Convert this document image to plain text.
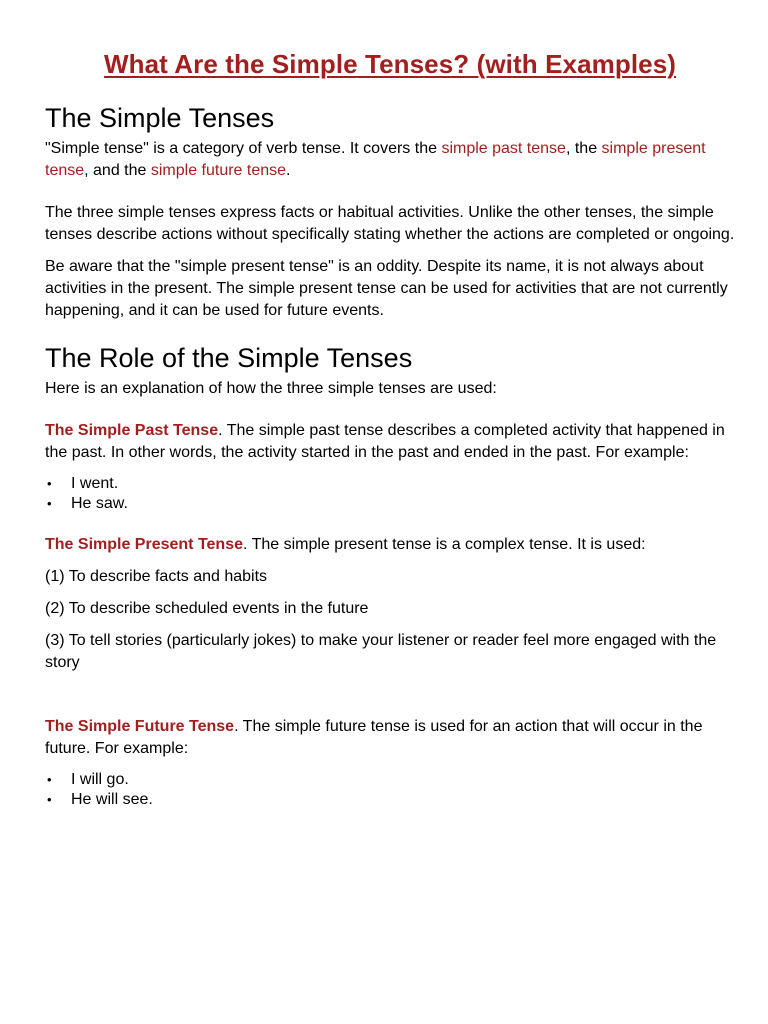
What Are the Simple Tenses? (with Examples)
The Simple Tenses

"Simple tense" is a category of verb tense. It covers the simple past tense, the simple present tense, and the simple future tense.

The three simple tenses express facts or habitual activities. Unlike the other tenses, the simple tenses describe actions without specifically stating whether the actions are completed or ongoing.

Be aware that the "simple present tense" is an oddity. Despite its name, it is not always about activities in the present. The simple present tense can be used for activities that are not currently happening, and it can be used for future events.

The Role of the Simple Tenses

Here is an explanation of how the three simple tenses are used:

The Simple Past Tense. The simple past tense describes a completed activity that happened in the past. In other words, the activity started in the past and ended in the past. For example:

• I went.
• He saw.

The Simple Present Tense. The simple present tense is a complex tense. It is used:

(1) To describe facts and habits

(2) To describe scheduled events in the future

(3) To tell stories (particularly jokes) to make your listener or reader feel more engaged with the story

The Simple Future Tense. The simple future tense is used for an action that will occur in the future. For example:

• I will go.
• He will see.
